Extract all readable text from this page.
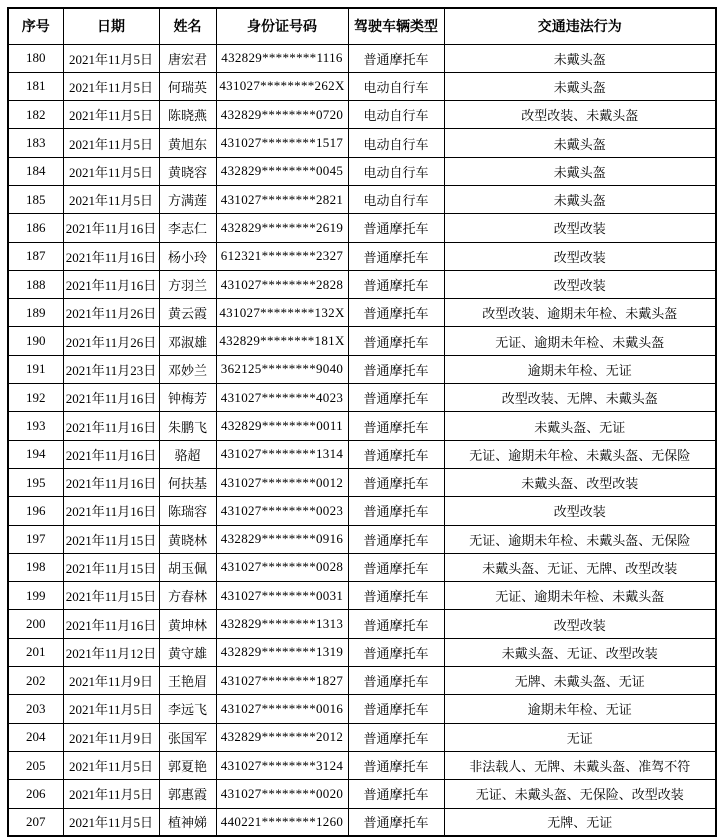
序号	日期	姓名	身份证号码	驾驶车辆类型	交通违法行为
180	2021年11月5日	唐宏君	432829********1116	普通摩托车	未戴头盔
181	2021年11月5日	何瑞英	431027********262X	电动自行车	未戴头盔
182	2021年11月5日	陈晓燕	432829********0720	电动自行车	改型改装、未戴头盔
183	2021年11月5日	黄旭东	431027********1517	电动自行车	未戴头盔
184	2021年11月5日	黄晓容	432829********0045	电动自行车	未戴头盔
185	2021年11月5日	方满莲	431027********2821	电动自行车	未戴头盔
186	2021年11月16日	李志仁	432829********2619	普通摩托车	改型改装
187	2021年11月16日	杨小玲	612321********2327	普通摩托车	改型改装
188	2021年11月16日	方羽兰	431027********2828	普通摩托车	改型改装
189	2021年11月26日	黄云霞	431027********132X	普通摩托车	改型改装、逾期未年检、未戴头盔
190	2021年11月26日	邓淑雄	432829********181X	普通摩托车	无证、逾期未年检、未戴头盔
191	2021年11月23日	邓妙兰	362125********9040	普通摩托车	逾期未年检、无证
192	2021年11月16日	钟梅芳	431027********4023	普通摩托车	改型改装、无牌、未戴头盔
193	2021年11月16日	朱鹏飞	432829********0011	普通摩托车	未戴头盔、无证
194	2021年11月16日	骆超	431027********1314	普通摩托车	无证、逾期未年检、未戴头盔、无保险
195	2021年11月16日	何扶基	431027********0012	普通摩托车	未戴头盔、改型改装
196	2021年11月16日	陈瑞容	431027********0023	普通摩托车	改型改装
197	2021年11月15日	黄晓林	432829********0916	普通摩托车	无证、逾期未年检、未戴头盔、无保险
198	2021年11月15日	胡玉佩	431027********0028	普通摩托车	未戴头盔、无证、无牌、改型改装
199	2021年11月15日	方春林	431027********0031	普通摩托车	无证、逾期未年检、未戴头盔
200	2021年11月16日	黄坤林	432829********1313	普通摩托车	改型改装
201	2021年11月12日	黄守雄	432829********1319	普通摩托车	未戴头盔、无证、改型改装
202	2021年11月9日	王艳眉	431027********1827	普通摩托车	无牌、未戴头盔、无证
203	2021年11月5日	李远飞	431027********0016	普通摩托车	逾期未年检、无证
204	2021年11月9日	张国军	432829********2012	普通摩托车	无证
205	2021年11月5日	郭夏艳	431027********3124	普通摩托车	非法载人、无牌、未戴头盔、准驾不符
206	2021年11月5日	郭惠霞	431027********0020	普通摩托车	无证、未戴头盔、无保险、改型改装
207	2021年11月5日	植神娣	440221********1260	普通摩托车	无牌、无证
